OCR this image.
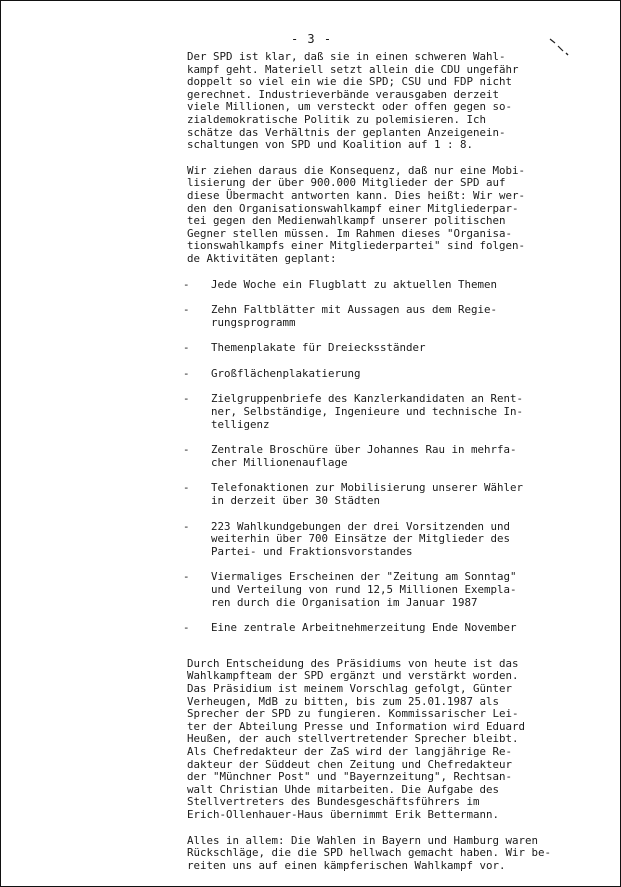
- 3 -

Der SPD ist klar, daß sie in einen schweren Wahl-
kampf geht. Materiell setzt allein die CDU ungefähr
doppelt so viel ein wie die SPD; CSU und FDP nicht
gerechnet. Industrieverbände verausgaben derzeit
viele Millionen, um versteckt oder offen gegen so-
zialdemokratische Politik zu polemisieren. Ich
schätze das Verhältnis der geplanten Anzeigenein-
schaltungen von SPD und Koalition auf 1 : 8.

Wir ziehen daraus die Konsequenz, daß nur eine Mobi-
lisierung der über 900.000 Mitglieder der SPD auf
diese Übermacht antworten kann. Dies heißt: Wir wer-
den den Organisationswahlkampf einer Mitgliederpar-
tei gegen den Medienwahlkampf unserer politischen
Gegner stellen müssen. Im Rahmen dieses "Organisa-
tionswahlkampfs einer Mitgliederpartei" sind folgen-
de Aktivitäten geplant:

- Jede Woche ein Flugblatt zu aktuellen Themen
- Zehn Faltblätter mit Aussagen aus dem Regie-
rungsprogramm
- Themenplakate für Dreiecksständer
- Großflächenplakatierung
- Zielgruppenbriefe des Kanzlerkandidaten an Rent-
ner, Selbständige, Ingenieure und technische In-
telligenz
- Zentrale Broschüre über Johannes Rau in mehrfa-
cher Millionenauflage
- Telefonaktionen zur Mobilisierung unserer Wähler
in derzeit über 30 Städten
- 223 Wahlkundgebungen der drei Vorsitzenden und
weiterhin über 700 Einsätze der Mitglieder des
Partei- und Fraktionsvorstandes
- Viermaliges Erscheinen der "Zeitung am Sonntag"
und Verteilung von rund 12,5 Millionen Exempla-
ren durch die Organisation im Januar 1987
- Eine zentrale Arbeitnehmerzeitung Ende November

Durch Entscheidung des Präsidiums von heute ist das
Wahlkampfteam der SPD ergänzt und verstärkt worden.
Das Präsidium ist meinem Vorschlag gefolgt, Günter
Verheugen, MdB zu bitten, bis zum 25.01.1987 als
Sprecher der SPD zu fungieren. Kommissarischer Lei-
ter der Abteilung Presse und Information wird Eduard
Heußen, der auch stellvertretender Sprecher bleibt.
Als Chefredakteur der ZaS wird der langjährige Re-
dakteur der Süddeut chen Zeitung und Chefredakteur
der "Münchner Post" und "Bayernzeitung", Rechtsan-
walt Christian Uhde mitarbeiten. Die Aufgabe des
Stellvertreters des Bundesgeschäftsführers im
Erich-Ollenhauer-Haus übernimmt Erik Bettermann.

Alles in allem: Die Wahlen in Bayern und Hamburg waren
Rückschläge, die die SPD hellwach gemacht haben. Wir be-
reiten uns auf einen kämpferischen Wahlkampf vor.
